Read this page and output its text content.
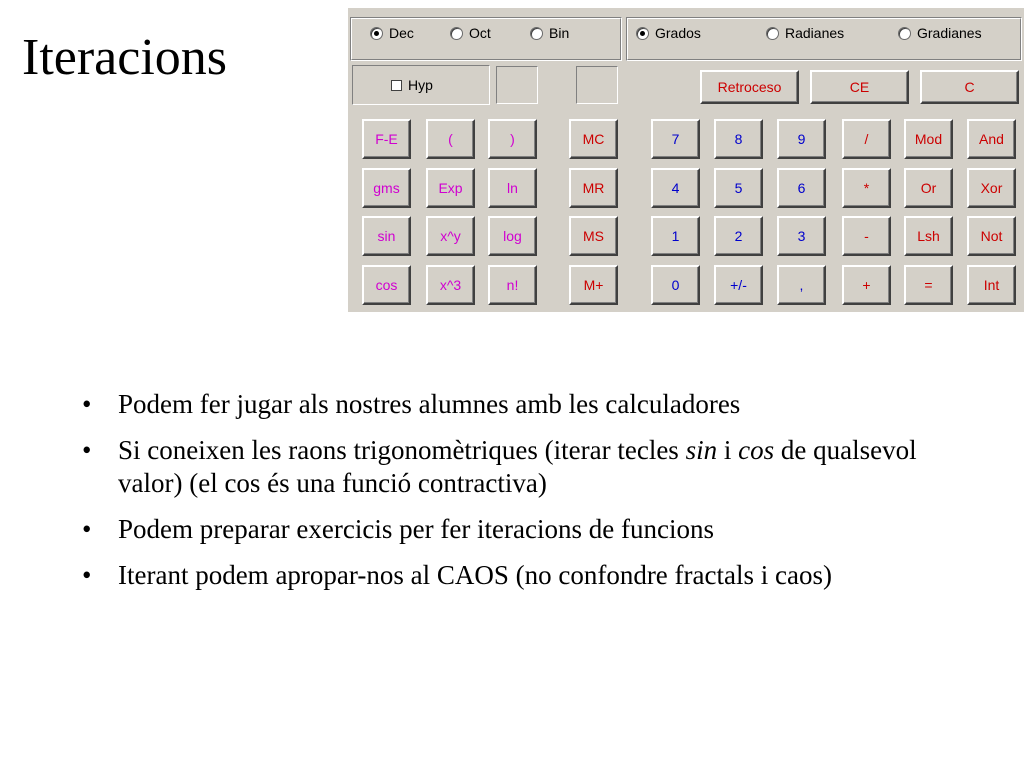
Iteracions	Dec	Oct	Bin	Grados	Radianes	Gradianes
Hyp	Retroceso	CE	C
F-E	(	)	MC	7	8	9	/	Mod	And
gms	Exp	ln	MR	4	5	6	*	Or	Xor
sin	x^y	log	MS	1	2	3	-	Lsh	Not
cos	x^3	n!	M+	0	+/-	,	+	=	Int
• Podem fer jugar als nostres alumnes amb les calculadores
• Si coneixen les raons trigonomètriques (iterar tecles sin i cos de qualsevol valor) (el cos és una funció contractiva)
• Podem preparar exercicis per fer iteracions de funcions
• Iterant podem apropar-nos al CAOS (no confondre fractals i caos)
